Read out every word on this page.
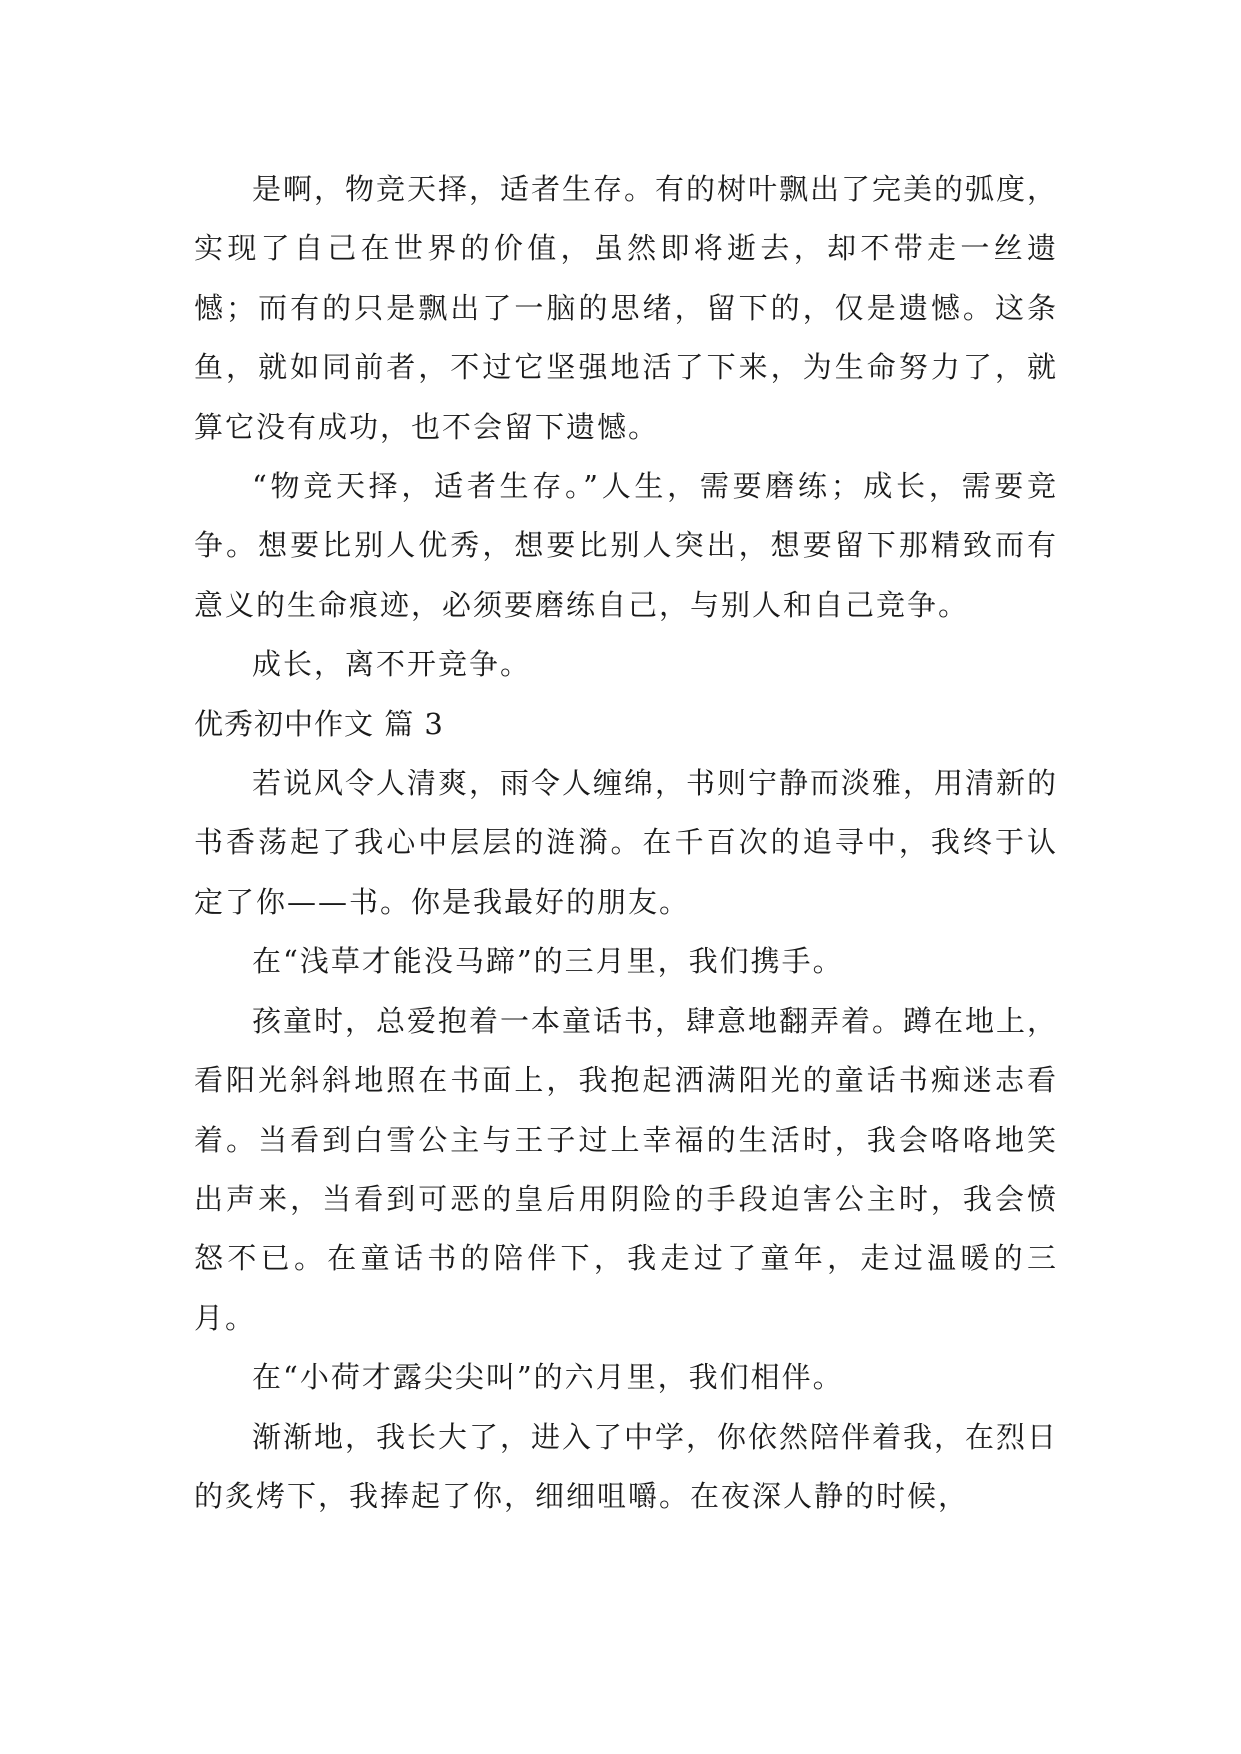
是啊，物竞天择，适者生存。有的树叶飘出了完美的弧度，实现了自己在世界的价值，虽然即将逝去，却不带走一丝遗憾；而有的只是飘出了一脑的思绪，留下的，仅是遗憾。这条鱼，就如同前者，不过它坚强地活了下来，为生命努力了，就算它没有成功，也不会留下遗憾。

“物竞天择，适者生存。”人生，需要磨练；成长，需要竞争。想要比别人优秀，想要比别人突出，想要留下那精致而有意义的生命痕迹，必须要磨练自己，与别人和自己竞争。

成长，离不开竞争。

优秀初中作文 篇 3

若说风令人清爽，雨令人缠绵，书则宁静而淡雅，用清新的书香荡起了我心中层层的涟漪。在千百次的追寻中，我终于认定了你——书。你是我最好的朋友。

在“浅草才能没马蹄”的三月里，我们携手。

孩童时，总爱抱着一本童话书，肆意地翻弄着。蹲在地上，看阳光斜斜地照在书面上，我抱起洒满阳光的童话书痴迷志看着。当看到白雪公主与王子过上幸福的生活时，我会咯咯地笑出声来，当看到可恶的皇后用阴险的手段迫害公主时，我会愤怒不已。在童话书的陪伴下，我走过了童年，走过温暖的三月。

在“小荷才露尖尖叫”的六月里，我们相伴。

渐渐地，我长大了，进入了中学，你依然陪伴着我，在烈日的炙烤下，我捧起了你，细细咀嚼。在夜深人静的时候，
